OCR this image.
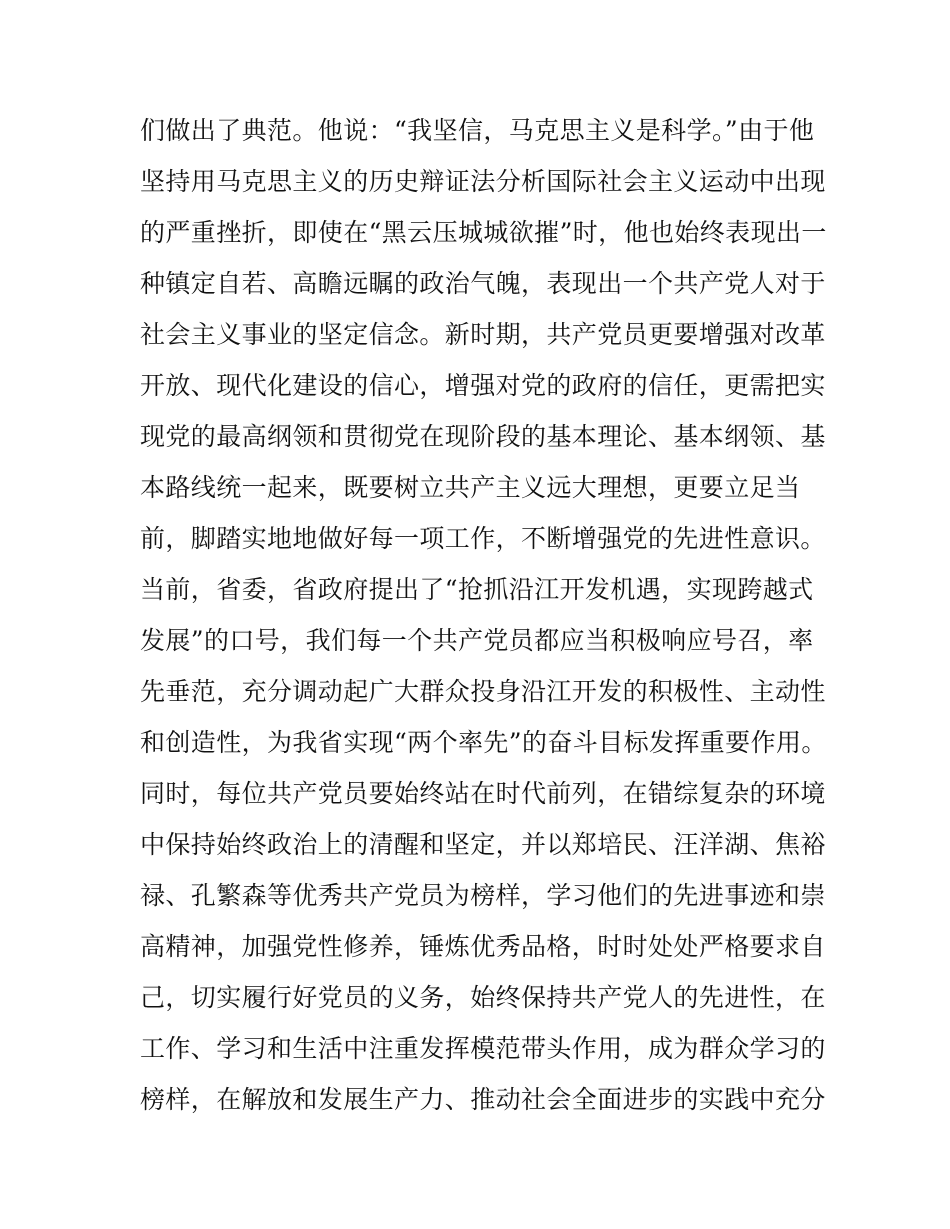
们做出了典范。他说：“我坚信，马克思主义是科学。”由于他
坚持用马克思主义的历史辩证法分析国际社会主义运动中出现
的严重挫折，即使在“黑云压城城欲摧”时，他也始终表现出一
种镇定自若、高瞻远瞩的政治气魄，表现出一个共产党人对于
社会主义事业的坚定信念。新时期，共产党员更要增强对改革
开放、现代化建设的信心，增强对党的政府的信任，更需把实
现党的最高纲领和贯彻党在现阶段的基本理论、基本纲领、基
本路线统一起来，既要树立共产主义远大理想，更要立足当
前，脚踏实地地做好每一项工作，不断增强党的先进性意识。
当前，省委，省政府提出了“抢抓沿江开发机遇，实现跨越式
发展”的口号，我们每一个共产党员都应当积极响应号召，率
先垂范，充分调动起广大群众投身沿江开发的积极性、主动性
和创造性，为我省实现“两个率先”的奋斗目标发挥重要作用。
同时，每位共产党员要始终站在时代前列，在错综复杂的环境
中保持始终政治上的清醒和坚定，并以郑培民、汪洋湖、焦裕
禄、孔繁森等优秀共产党员为榜样，学习他们的先进事迹和崇
高精神，加强党性修养，锤炼优秀品格，时时处处严格要求自
己，切实履行好党员的义务，始终保持共产党人的先进性，在
工作、学习和生活中注重发挥模范带头作用，成为群众学习的
榜样，在解放和发展生产力、推动社会全面进步的实践中充分
